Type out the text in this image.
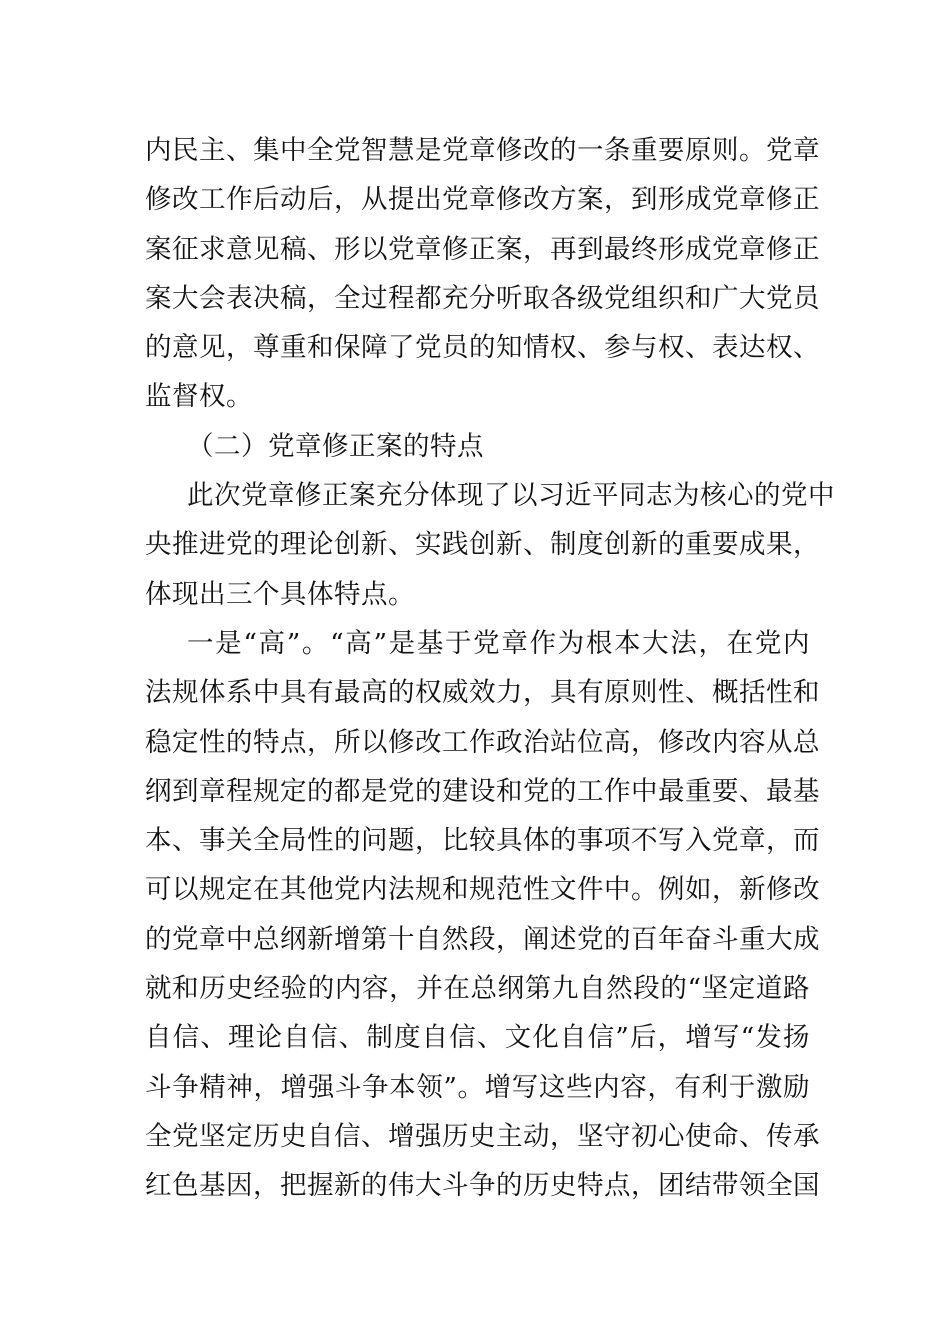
内民主、集中全党智慧是党章修改的一条重要原则。党章
修改工作后动后，从提出党章修改方案，到形成党章修正
案征求意见稿、形以党章修正案，再到最终形成党章修正
案大会表决稿，全过程都充分听取各级党组织和广大党员
的意见，尊重和保障了党员的知情权、参与权、表达权、
监督权。
（二）党章修正案的特点
此次党章修正案充分体现了以习近平同志为核心的党中
央推进党的理论创新、实践创新、制度创新的重要成果，
体现出三个具体特点。
一是“高”。“高”是基于党章作为根本大法，在党内
法规体系中具有最高的权威效力，具有原则性、概括性和
稳定性的特点，所以修改工作政治站位高，修改内容从总
纲到章程规定的都是党的建设和党的工作中最重要、最基
本、事关全局性的问题，比较具体的事项不写入党章，而
可以规定在其他党内法规和规范性文件中。例如，新修改
的党章中总纲新增第十自然段，阐述党的百年奋斗重大成
就和历史经验的内容，并在总纲第九自然段的“坚定道路
自信、理论自信、制度自信、文化自信”后，增写“发扬
斗争精神，增强斗争本领”。增写这些内容，有利于激励
全党坚定历史自信、增强历史主动，坚守初心使命、传承
红色基因，把握新的伟大斗争的历史特点，团结带领全国
